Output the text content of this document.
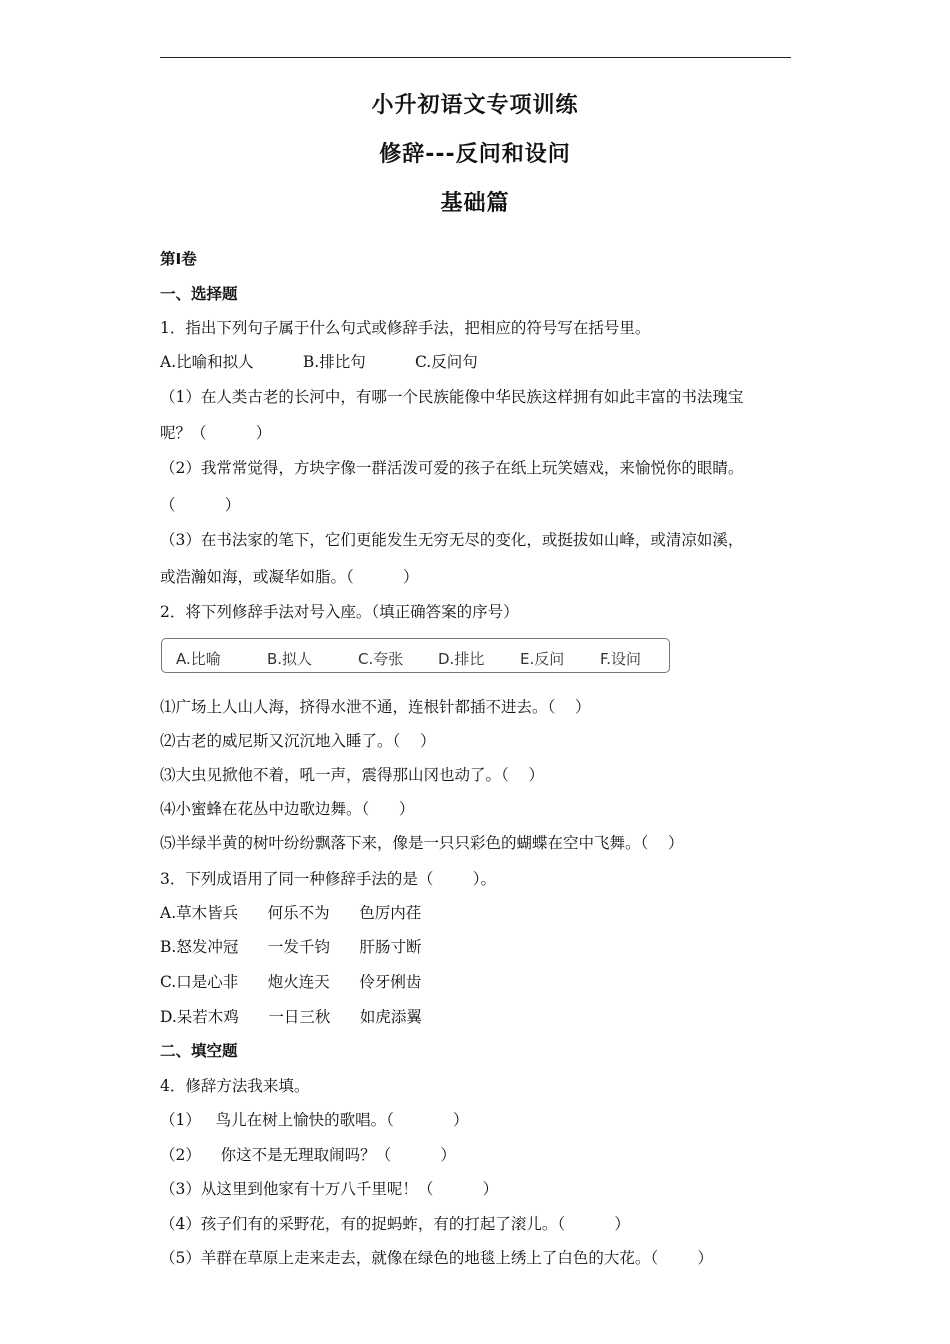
小升初语文专项训练
修辞---反问和设问
基础篇
第Ⅰ卷
一、选择题
1．指出下列句子属于什么句式或修辞手法，把相应的符号写在括号里。
A.比喻和拟人          B.排比句          C.反问句
（1）在人类古老的长河中，有哪一个民族能像中华民族这样拥有如此丰富的书法瑰宝
呢？（          ）
（2）我常常觉得，方块字像一群活泼可爱的孩子在纸上玩笑嬉戏，来愉悦你的眼睛。
（          ）
（3）在书法家的笔下，它们更能发生无穷无尽的变化，或挺拔如山峰，或清凉如溪，
或浩瀚如海，或凝华如脂。（          ）
2．将下列修辞手法对号入座。（填正确答案的序号）
A.比喻	B.拟人	C.夸张 D.排比 E.反问 F.设问
⑴广场上人山人海，挤得水泄不通，连根针都插不进去。（    ）
⑵古老的威尼斯又沉沉地入睡了。（    ）
⑶大虫见掀他不着，吼一声，震得那山冈也动了。（    ）
⑷小蜜蜂在花丛中边歌边舞。（      ）
⑸半绿半黄的树叶纷纷飘落下来，像是一只只彩色的蝴蝶在空中飞舞。（    ）
3．下列成语用了同一种修辞手法的是（        ）。
A.草木皆兵      何乐不为      色厉内荏
B.怒发冲冠      一发千钧      肝肠寸断
C.口是心非      炮火连天      伶牙俐齿
D.呆若木鸡      一日三秋      如虎添翼
二、填空题
4．修辞方法我来填。
（1）   鸟儿在树上愉快的歌唱。（            ）
（2）    你这不是无理取闹吗？（          ）
（3）从这里到他家有十万八千里呢！（          ）
（4）孩子们有的采野花，有的捉蚂蚱，有的打起了滚儿。（          ）
（5）羊群在草原上走来走去，就像在绿色的地毯上绣上了白色的大花。（        ）
